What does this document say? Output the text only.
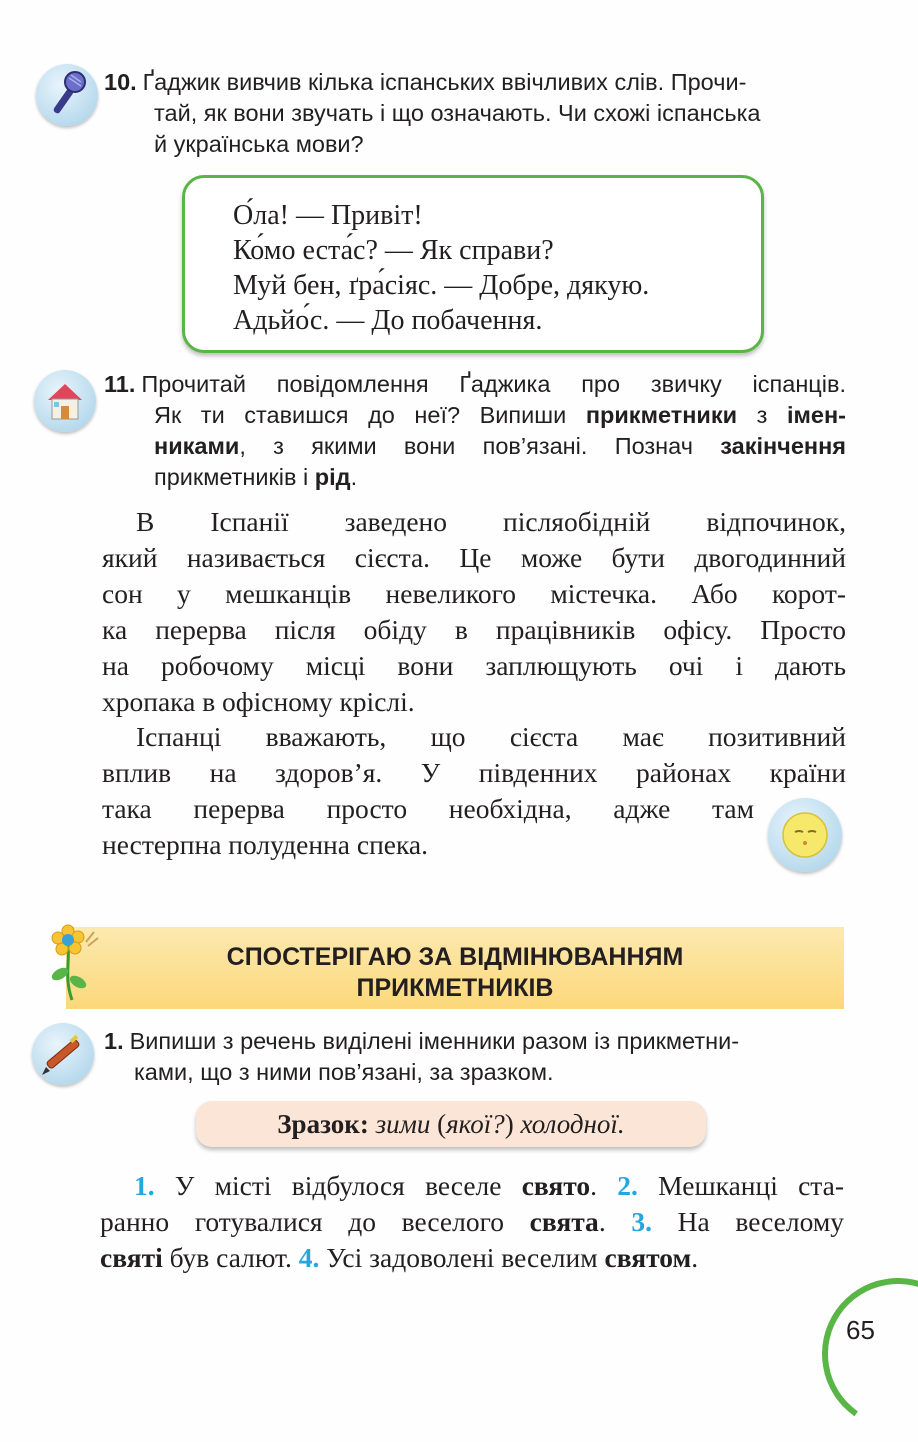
10. Ґаджик вивчив кілька іспанських ввічливих слів. Прочи-
тай, як вони звучать і що означають. Чи схожі іспанська
й українська мови?
О́ла! — Привіт!
Ко́мо еста́с? — Як справи?
Муй бен, ґра́сіяс. — Добре, дякую.
Адьйо́с. — До побачення.
11. Прочитай повідомлення Ґаджика про звичку іспанців.
Як ти ставишся до неї? Випиши прикметники з імен-
никами, з якими вони пов’язані. Познач закінчення
прикметників і рід.
В Іспанії заведено післяобідній відпочинок,
який називається сієста. Це може бути двогодинний
сон у мешканців невеликого містечка. Або корот-
ка перерва після обіду в працівників офісу. Просто
на робочому місці вони заплющують очі і дають
хропака в офісному кріслі.
Іспанці вважають, що сієста має позитивний
вплив на здоров’я. У південних районах країни
така перерва просто необхідна, адже там
нестерпна полуденна спека.
СПОСТЕРІГАЮ ЗА ВІДМІНЮВАННЯМ
ПРИКМЕТНИКІВ
1. Випиши з речень виділені іменники разом із прикметни-
ками, що з ними пов’язані, за зразком.
Зразок: зими (якої?) холодної.
1. У місті відбулося веселе свято. 2. Мешканці ста-
ранно готувалися до веселого свята. 3. На веселому
святі був салют. 4. Усі задоволені веселим святом.
65
